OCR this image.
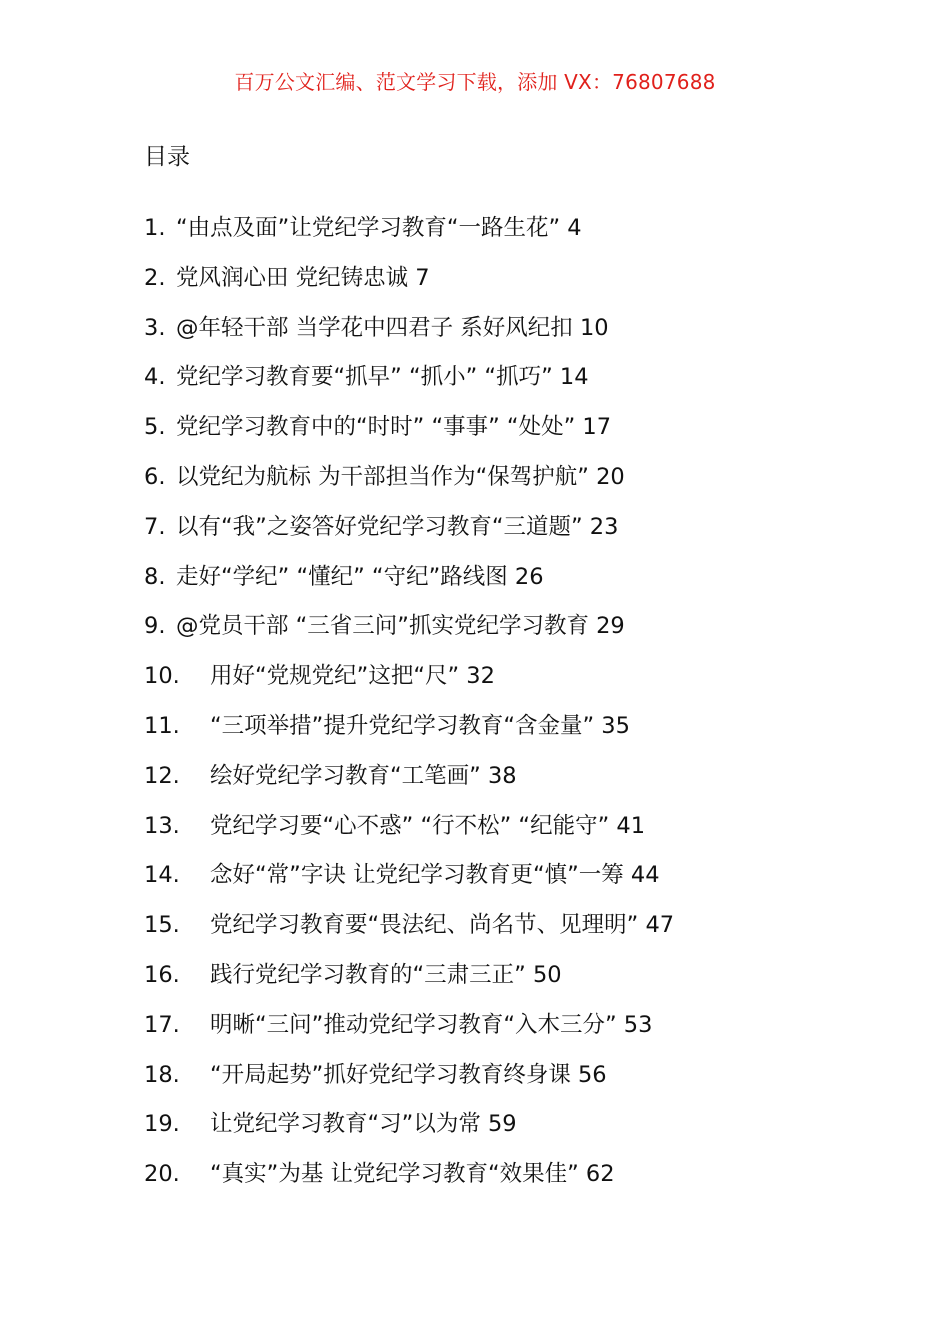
百万公文汇编、范文学习下载，添加 VX：76807688
目录
1. “由点及面”让党纪学习教育“一路生花” 4
2. 党风润心田 党纪铸忠诚 7
3. @年轻干部 当学花中四君子 系好风纪扣 10
4. 党纪学习教育要“抓早” “抓小” “抓巧” 14
5. 党纪学习教育中的“时时” “事事” “处处” 17
6. 以党纪为航标 为干部担当作为“保驾护航” 20
7. 以有“我”之姿答好党纪学习教育“三道题” 23
8. 走好“学纪” “懂纪” “守纪”路线图 26
9. @党员干部 “三省三问”抓实党纪学习教育 29
10.	用好“党规党纪”这把“尺” 32
11.	“三项举措”提升党纪学习教育“含金量” 35
12.	绘好党纪学习教育“工笔画” 38
13.	党纪学习要“心不惑” “行不松” “纪能守” 41
14.	念好“常”字诀 让党纪学习教育更“慎”一筹 44
15.	党纪学习教育要“畏法纪、尚名节、见理明” 47
16.	践行党纪学习教育的“三肃三正” 50
17.	明晰“三问”推动党纪学习教育“入木三分” 53
18.	“开局起势”抓好党纪学习教育终身课 56
19.	让党纪学习教育“习”以为常 59
20.	“真实”为基 让党纪学习教育“效果佳” 62
